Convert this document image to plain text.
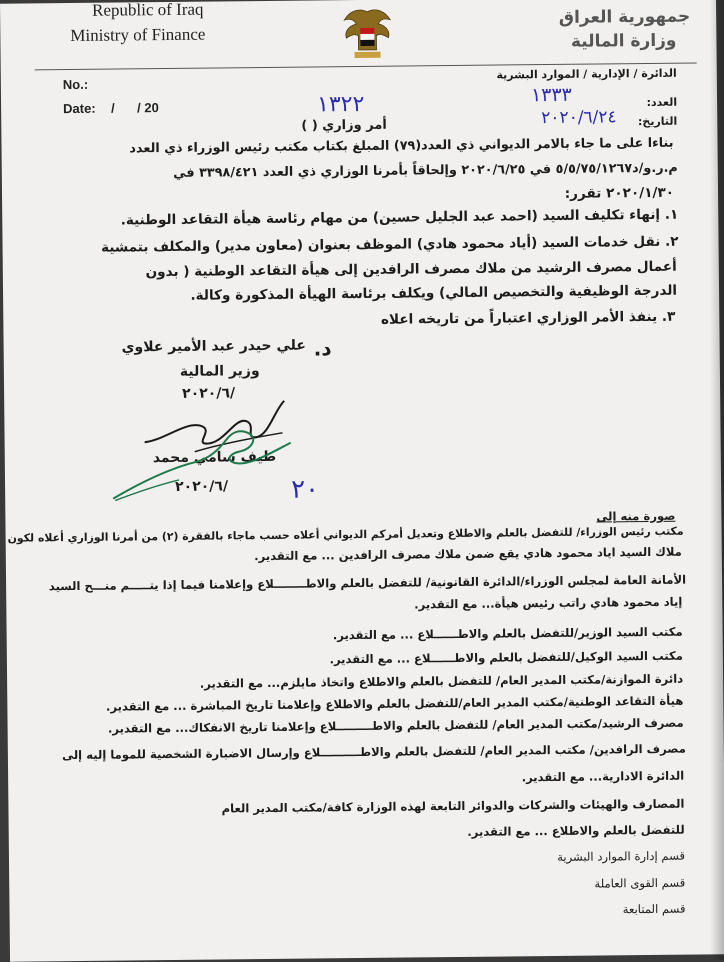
Republic of Iraq
Ministry of Finance
جمهورية العراق
وزارة المالية
No.:
Date: / / 20
الدائرة / الإدارية / الموارد البشرية
العدد:
التاريخ:
١٣٣٣
٢٠٢٠/٦/٢٤
١٣٢٢
أمر وزاري ( )
بناءا على ما جاء بالامر الديواني ذي العدد(٧٩) المبلغ بكتاب مكتب رئيس الوزراء ذي العدد
م.ر.و/د٥/٥/٧٥/١٢٦٧ في ٢٠٢٠/٦/٢٥ وإلحاقاً بأمرنا الوزاري ذي العدد ٣٣٩٨/٤٢١ في
٢٠٢٠/١/٣٠ تقرر:
١. إنهاء تكليف السيد (احمد عبد الجليل حسين) من مهام رئاسة هيأة التقاعد الوطنية.
٢. نقل خدمات السيد (أياد محمود هادي) الموظف بعنوان (معاون مدير) والمكلف بتمشية
أعمال مصرف الرشيد من ملاك مصرف الرافدين إلى هيأة التقاعد الوطنية ( بدون
الدرجة الوظيفية والتخصيص المالي) ويكلف برئاسة الهيأة المذكورة وكالة.
٣. ينفذ الأمر الوزاري اعتباراً من تاريخه اعلاه
د.
علي حيدر عبد الأمير علاوي
وزير المالية
٢٠٢٠/٦/
طيف سامي محمد
٢٠٢٠/٦/ ٢٠
صورة منه إلى
مكتب رئيس الوزراء/ للتفضل بالعلم والاطلاع وتعديل أمركم الديواني أعلاه حسب ماجاء بالفقرة (٢) من أمرنا الوزاري أعلاه لكون
ملاك السيد اياد محمود هادي يقع ضمن ملاك مصرف الرافدين ... مع التقدير.
الأمانة العامة لمجلس الوزراء/الدائرة القانونية/ للتفضل بالعلم والاطــــــــلاع وإعلامنا فيما إذا يتـــــم منـــح السيد
إياد محمود هادي راتب رئيس هيأة... مع التقدير.
مكتب السيد الوزير/للتفضل بالعلم والاطــــــلاع ... مع التقدير.
مكتب السيد الوكيل/للتفضل بالعلم والاطــــــلاع ... مع التقدير.
دائرة الموازنة/مكتب المدير العام/ للتفضل بالعلم والاطلاع واتخاذ مايلزم... مع التقدير.
هيأة التقاعد الوطنية/مكتب المدير العام/للتفضل بالعلم والاطلاع وإعلامنا تاريخ المباشرة ... مع التقدير.
مصرف الرشيد/مكتب المدير العام/ للتفضل بالعلم والاطـــــــــلاع وإعلامنا تاريخ الانفكاك... مع التقدير.
مصرف الرافدين/ مكتب المدير العام/ للتفضل بالعلم والاطــــــــــلاع وإرسال الاضبارة الشخصية للموما إليه إلى
الدائرة الادارية... مع التقدير.
المصارف والهيئات والشركات والدوائر التابعة لهذه الوزارة كافة/مكتب المدير العام
للتفضل بالعلم والاطلاع ... مع التقدير.
قسم إدارة الموارد البشرية
قسم القوى العاملة
قسم المتابعة
